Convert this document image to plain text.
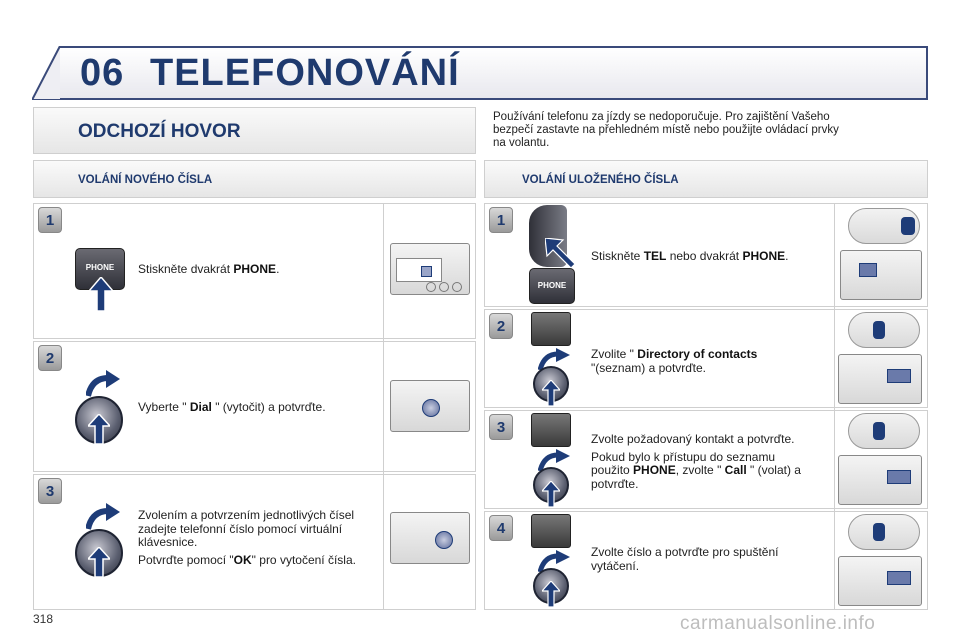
06 TELEFONOVÁNÍ
ODCHOZÍ HOVOR
Používání telefonu za jízdy se nedoporučuje. Pro zajištění Vašeho
bezpečí zastavte na přehledném místě nebo použijte ovládací prvky
na volantu.
VOLÁNÍ NOVÉHO ČÍSLA	VOLÁNÍ ULOŽENÉHO ČÍSLA
1
2
3
PHONE	Stiskněte dvakrát PHONE.
Vyberte " Dial " (vytočit) a potvrďte.
Zvolením a potvrzením jednotlivých čísel
zadejte telefonní číslo pomocí virtuální
klávesnice.
Potvrďte pomocí "OK" pro vytočení čísla.
1
2
3
4
PHONE
Stiskněte TEL nebo dvakrát PHONE.
Zvolite " Directory of contacts
"(seznam) a potvrďte.
Zvolte požadovaný kontakt a potvrďte.
Pokud bylo k přístupu do seznamu
použito PHONE, zvolte " Call " (volat) a
potvrďte.
Zvolte číslo a potvrďte pro spuštění
vytáčení.
318	carmanualsonline.info
